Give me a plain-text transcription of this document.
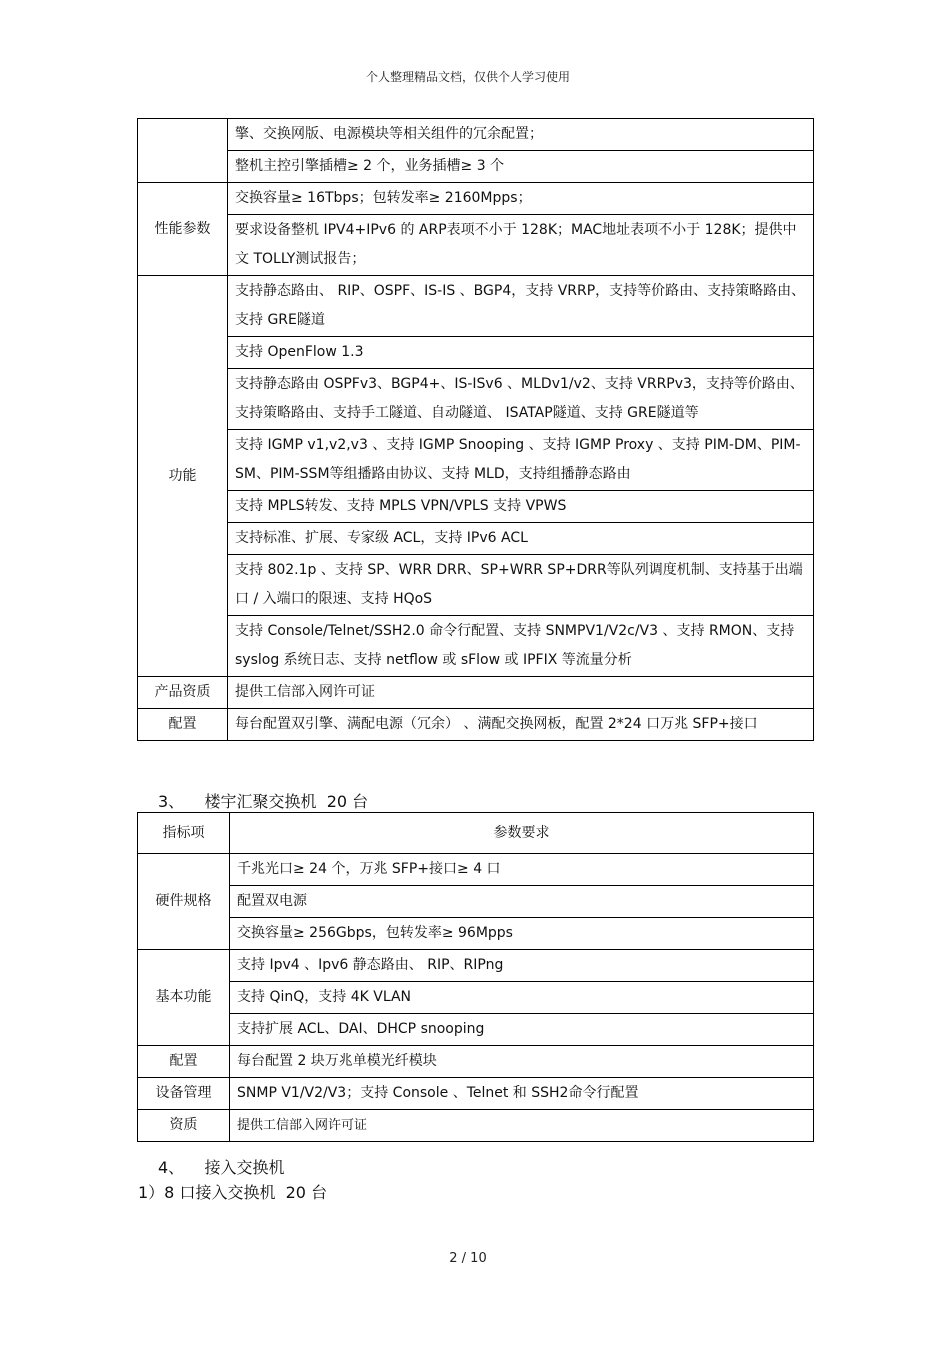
个人整理精品文档，仅供个人学习使用
	擎、交换网版、电源模块等相关组件的冗余配置；
	整机主控引擎插槽≥ 2 个，业务插槽≥ 3 个
性能参数	交换容量≥ 16Tbps；包转发率≥ 2160Mpps；
	要求设备整机 IPV4+IPv6 的 ARP表项不小于 128K；MAC地址表项不小于 128K；提供中文 TOLLY测试报告；
功能	支持静态路由、 RIP、OSPF、IS-IS 、BGP4，支持 VRRP，支持等价路由、支持策略路由、支持 GRE隧道
	支持 OpenFlow 1.3
	支持静态路由 OSPFv3、BGP4+、IS-ISv6 、MLDv1/v2、支持 VRRPv3，支持等价路由、支持策略路由、支持手工隧道、自动隧道、 ISATAP隧道、支持 GRE隧道等
	支持 IGMP v1,v2,v3 、支持 IGMP Snooping 、支持 IGMP Proxy 、支持 PIM-DM、PIM-SM、PIM-SSM等组播路由协议、支持 MLD，支持组播静态路由
	支持 MPLS转发、支持 MPLS VPN/VPLS 支持 VPWS
	支持标准、扩展、专家级 ACL，支持 IPv6 ACL
	支持 802.1p 、支持 SP、WRR DRR、SP+WRR SP+DRR等队列调度机制、支持基于出端口 / 入端口的限速、支持 HQoS
	支持 Console/Telnet/SSH2.0 命令行配置、支持 SNMPV1/V2c/V3 、支持 RMON、支持 syslog 系统日志、支持 netflow 或 sFlow 或 IPFIX 等流量分析
产品资质	提供工信部入网许可证
配置	每台配置双引擎、满配电源（冗余） 、满配交换网板，配置 2*24 口万兆 SFP+接口
3、    楼宇汇聚交换机  20 台
指标项	参数要求
硬件规格	千兆光口≥ 24 个，万兆 SFP+接口≥ 4 口
	配置双电源
	交换容量≥ 256Gbps，包转发率≥ 96Mpps
基本功能	支持 Ipv4 、Ipv6 静态路由、 RIP、RIPng
	支持 QinQ，支持 4K VLAN
	支持扩展 ACL、DAI、DHCP snooping
配置	每台配置 2 块万兆单模光纤模块
设备管理	SNMP V1/V2/V3；支持 Console 、Telnet 和 SSH2命令行配置
资质	提供工信部入网许可证
4、    接入交换机
1）8 口接入交换机  20 台
2 / 10
